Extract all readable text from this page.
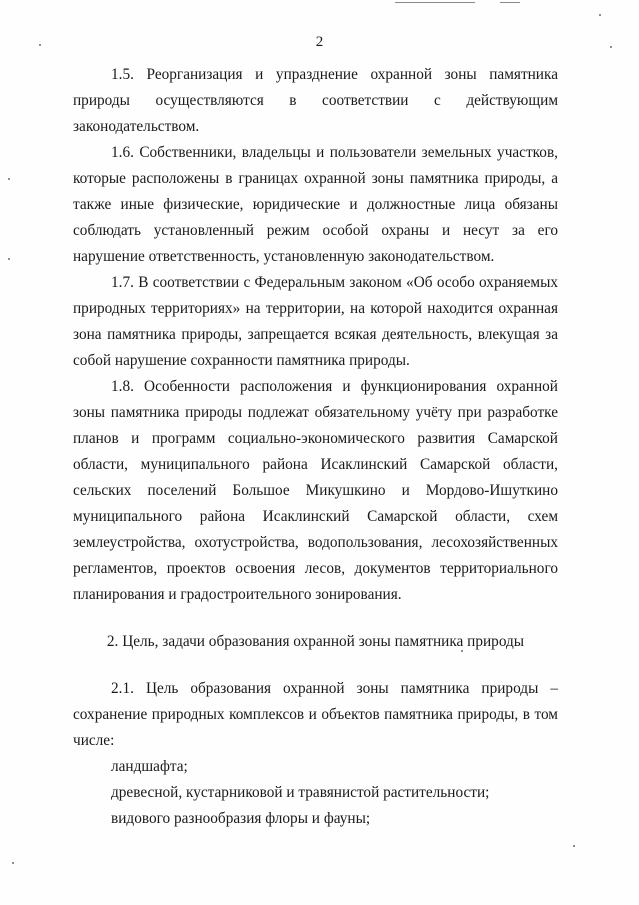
2

1.5. Реорганизация и упразднение охранной зоны памятника природы осуществляются в соответствии с действующим законодательством.

1.6. Собственники, владельцы и пользователи земельных участков, которые расположены в границах охранной зоны памятника природы, а также иные физические, юридические и должностные лица обязаны соблюдать установленный режим особой охраны и несут за его нарушение ответственность, установленную законодательством.

1.7. В соответствии с Федеральным законом «Об особо охраняемых природных территориях» на территории, на которой находится охранная зона памятника природы, запрещается всякая деятельность, влекущая за собой нарушение сохранности памятника природы.

1.8. Особенности расположения и функционирования охранной зоны памятника природы подлежат обязательному учёту при разработке планов и программ социально-экономического развития Самарской области, муниципального района Исаклинский Самарской области, сельских поселений Большое Микушкино и Мордово-Ишуткино муниципального района Исаклинский Самарской области, схем землеустройства, охотустройства, водопользования, лесохозяйственных регламентов, проектов освоения лесов, документов территориального планирования и градостроительного зонирования.

2. Цель, задачи образования охранной зоны памятника природы

2.1. Цель образования охранной зоны памятника природы – сохранение природных комплексов и объектов памятника природы, в том числе:

ландшафта;

древесной, кустарниковой и травянистой растительности;

видового разнообразия флоры и фауны;
